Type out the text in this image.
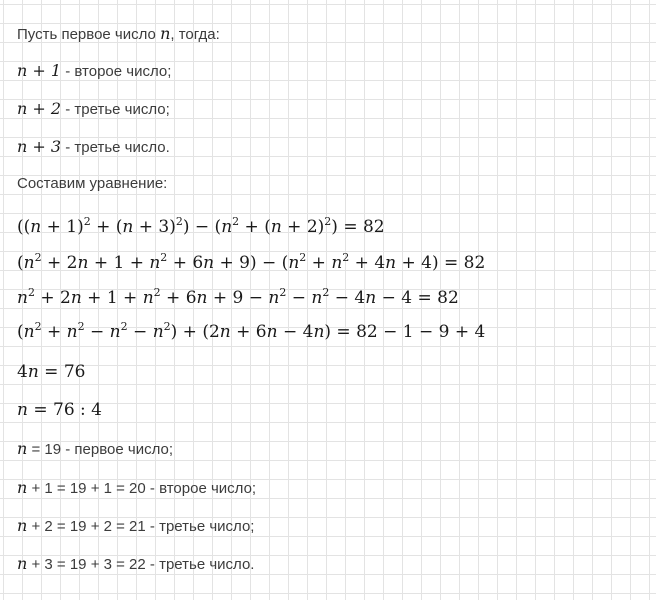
Пусть первое число n, тогда:
n + 1 - второе число;
n + 2 - третье число;
n + 3 - третье число.
Составим уравнение:
$((n + 1)^2 + (n + 3)^2) - (n^2 + (n + 2)^2) = 82$
$(n^2 + 2n + 1 + n^2 + 6n + 9) - (n^2 + n^2 + 4n + 4) = 82$
$n^2 + 2n + 1 + n^2 + 6n + 9 - n^2 - n^2 - 4n - 4 = 82$
$(n^2 + n^2 - n^2 - n^2) + (2n + 6n - 4n) = 82 - 1 - 9 + 4$
4n = 76
n = 76 : 4
n = 19 - первое число;
n + 1 = 19 + 1 = 20 - второе число;
n + 2 = 19 + 2 = 21 - третье число;
n + 3 = 19 + 3 = 22 - третье число.
